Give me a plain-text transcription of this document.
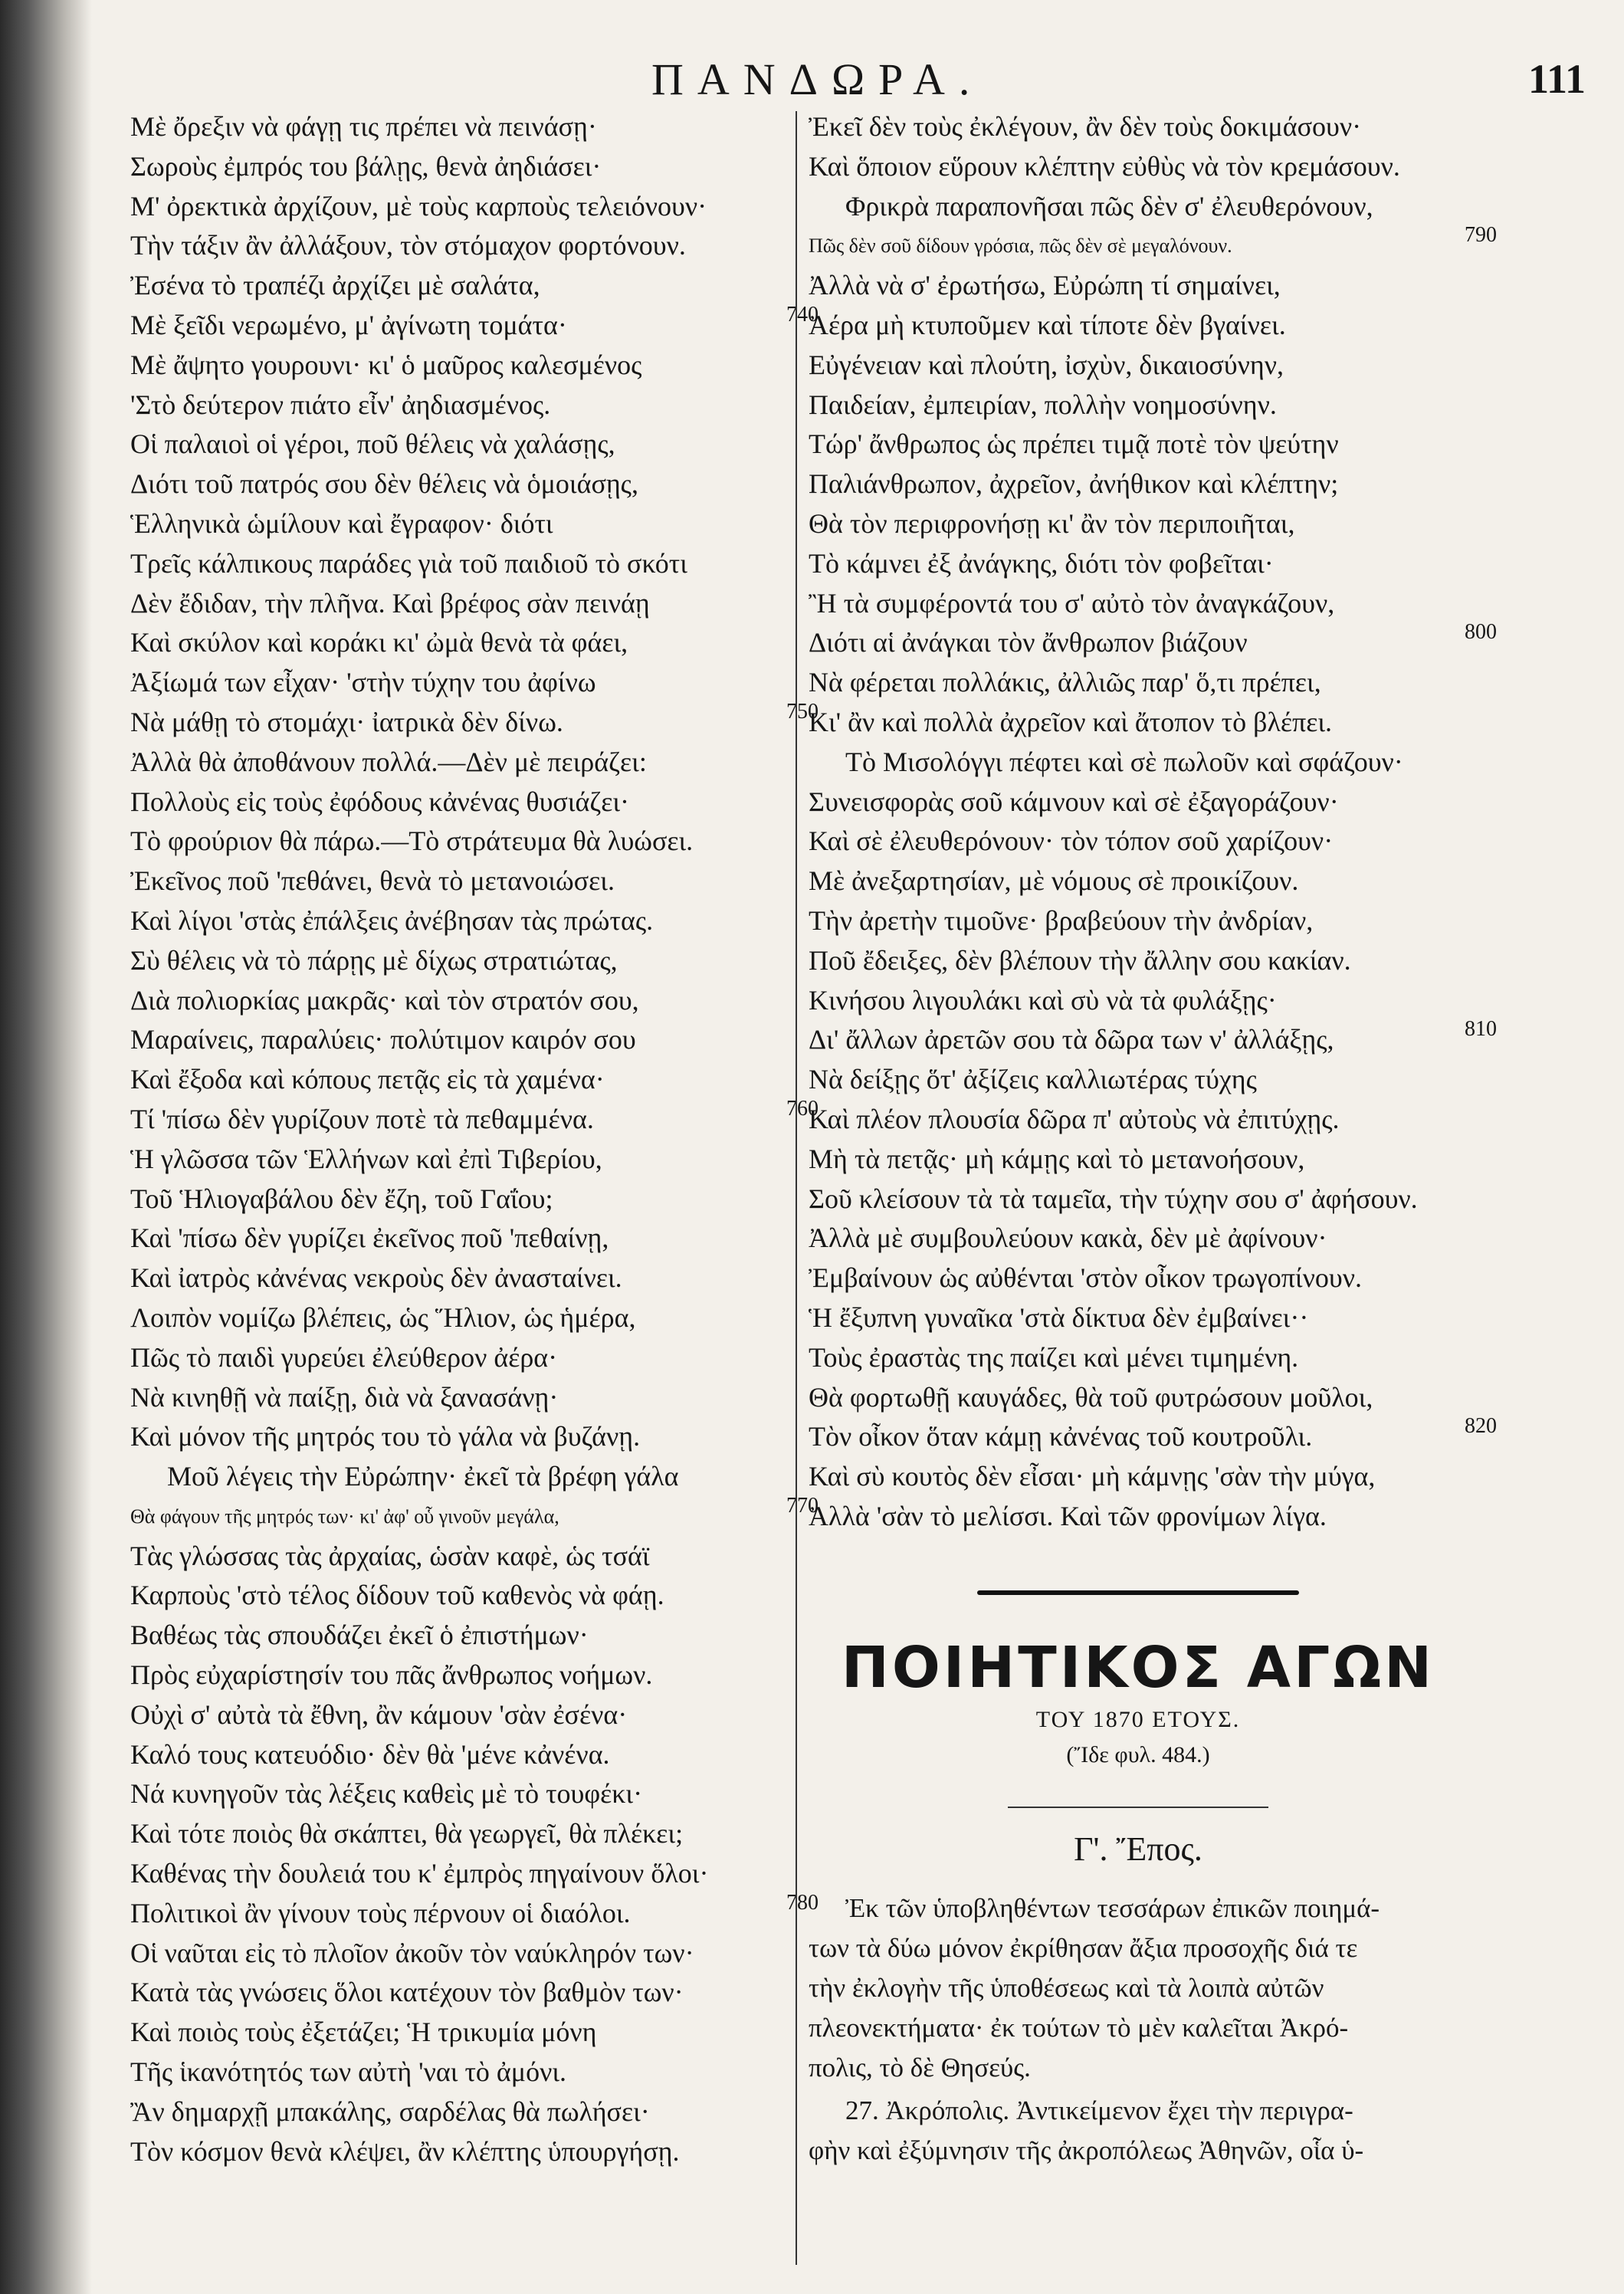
ΠΑΝΔΩΡΑ.	111
Μὲ ὄρεξιν νὰ φάγῃ τις πρέπει νὰ πεινάσῃ·
Σωροὺς ἐμπρός του βάλῃς, θενὰ ἀηδιάσει·
Μ' ὀρεκτικὰ ἀρχίζουν, μὲ τοὺς καρποὺς τελειόνουν·
Τὴν τάξιν ἂν ἀλλάξουν, τὸν στόμαχον φορτόνουν.
Ἐσένα τὸ τραπέζι ἀρχίζει μὲ σαλάτα,
Μὲ ξεῖδι νερωμένο, μ' ἀγίνωτη τομάτα·	740
Μὲ ἄψητο γουρουνι· κι' ὁ μαῦρος καλεσμένος
'Στὸ δεύτερον πιάτο εἶν' ἀηδιασμένος.
Οἱ παλαιοὶ οἱ γέροι, ποῦ θέλεις νὰ χαλάσῃς,
Διότι τοῦ πατρός σου δὲν θέλεις νὰ ὁμοιάσῃς,
Ἑλληνικὰ ὡμίλουν καὶ ἔγραφον· διότι
Τρεῖς κάλπικους παράδες γιὰ τοῦ παιδιοῦ τὸ σκότι
Δὲν ἔδιδαν, τὴν πλῆνα. Καὶ βρέφος σὰν πεινάῃ
Καὶ σκύλον καὶ κοράκι κι' ὠμὰ θενὰ τὰ φάει,
Ἀξίωμά των εἶχαν· 'στὴν τύχην του ἀφίνω
Νὰ μάθῃ τὸ στομάχι· ἰατρικὰ δὲν δίνω.	750
Ἀλλὰ θὰ ἀποθάνουν πολλά.—Δὲν μὲ πειράζει:
Πολλοὺς εἰς τοὺς ἐφόδους κἀνένας θυσιάζει·
Τὸ φρούριον θὰ πάρω.—Τὸ στράτευμα θὰ λυώσει.
Ἐκεῖνος ποῦ 'πεθάνει, θενὰ τὸ μετανοιώσει.
Καὶ λίγοι 'στὰς ἐπάλξεις ἀνέβησαν τὰς πρώτας.
Σὺ θέλεις νὰ τὸ πάρῃς μὲ δίχως στρατιώτας,
Διὰ πολιορκίας μακρᾶς· καὶ τὸν στρατόν σου,
Μαραίνεις, παραλύεις· πολύτιμον καιρόν σου
Καὶ ἔξοδα καὶ κόπους πετᾷς εἰς τὰ χαμένα·
Τί 'πίσω δὲν γυρίζουν ποτὲ τὰ πεθαμμένα.	760
Ἡ γλῶσσα τῶν Ἑλλήνων καὶ ἐπὶ Τιβερίου,
Τοῦ Ἡλιογαβάλου δὲν ἔζη, τοῦ Γαΐου;
Καὶ 'πίσω δὲν γυρίζει ἐκεῖνος ποῦ 'πεθαίνῃ,
Καὶ ἰατρὸς κἀνένας νεκροὺς δὲν ἀνασταίνει.
Λοιπὸν νομίζω βλέπεις, ὡς Ἥλιον, ὡς ἡμέρα,
Πῶς τὸ παιδὶ γυρεύει ἐλεύθερον ἀέρα·
Νὰ κινηθῇ νὰ παίξῃ, διὰ νὰ ξανασάνῃ·
Καὶ μόνον τῆς μητρός του τὸ γάλα νὰ βυζάνῃ.
Μοῦ λέγεις τὴν Εὐρώπην· ἐκεῖ τὰ βρέφη γάλα
Θὰ φάγουν τῆς μητρός των· κι' ἀφ' οὗ γινοῦν μεγάλα,	770
Τὰς γλώσσας τὰς ἀρχαίας, ὡσὰν καφὲ, ὡς τσάϊ
Καρποὺς 'στὸ τέλος δίδουν τοῦ καθενὸς νὰ φάῃ.
Βαθέως τὰς σπουδάζει ἐκεῖ ὁ ἐπιστήμων·
Πρὸς εὐχαρίστησίν του πᾶς ἄνθρωπος νοήμων.
Οὐχὶ σ' αὐτὰ τὰ ἔθνη, ἂν κάμουν 'σὰν ἐσένα·
Καλό τους κατευόδιο· δὲν θὰ 'μένε κἀνένα.
Νά κυνηγοῦν τὰς λέξεις καθεὶς μὲ τὸ τουφέκι·
Καὶ τότε ποιὸς θὰ σκάπτει, θὰ γεωργεῖ, θὰ πλέκει;
Καθένας τὴν δουλειά του κ' ἐμπρὸς πηγαίνουν ὅλοι·
Πολιτικοὶ ἂν γίνουν τοὺς πέρνουν οἱ διαόλοι.	780
Οἱ ναῦται εἰς τὸ πλοῖον ἀκοῦν τὸν ναύκληρόν των·
Κατὰ τὰς γνώσεις ὅλοι κατέχουν τὸν βαθμὸν των·
Καὶ ποιὸς τοὺς ἐξετάζει; Ἡ τρικυμία μόνη
Τῆς ἱκανότητός των αὐτὴ 'ναι τὸ ἀμόνι.
Ἂν δημαρχῇ μπακάλης, σαρδέλας θὰ πωλήσει·
Τὸν κόσμον θενὰ κλέψει, ἂν κλέπτης ὑπουργήσῃ.
Ἐκεῖ δὲν τοὺς ἐκλέγουν, ἂν δὲν τοὺς δοκιμάσουν·
Καὶ ὅποιον εὕρουν κλέπτην εὐθὺς νὰ τὸν κρεμάσουν.
Φρικρὰ παραπονῆσαι πῶς δὲν σ' ἐλευθερόνουν,
Πῶς δὲν σοῦ δίδουν γρόσια, πῶς δὲν σὲ μεγαλόνουν.	790
Ἀλλὰ νὰ σ' ἐρωτήσω, Εὐρώπη τί σημαίνει,
Ἀέρα μὴ κτυποῦμεν καὶ τίποτε δὲν βγαίνει.
Εὐγένειαν καὶ πλούτη, ἰσχὺν, δικαιοσύνην,
Παιδείαν, ἐμπειρίαν, πολλὴν νοημοσύνην.
Τώρ' ἄνθρωπος ὡς πρέπει τιμᾷ ποτὲ τὸν ψεύτην
Παλιάνθρωπον, ἀχρεῖον, ἀνήθικον καὶ κλέπτην;
Θὰ τὸν περιφρονήσῃ κι' ἂν τὸν περιποιῆται,
Τὸ κάμνει ἐξ ἀνάγκης, διότι τὸν φοβεῖται·
Ἢ τὰ συμφέροντά του σ' αὐτὸ τὸν ἀναγκάζουν,
Διότι αἱ ἀνάγκαι τὸν ἄνθρωπον βιάζουν	800
Νὰ φέρεται πολλάκις, ἀλλιῶς παρ' ὅ,τι πρέπει,
Κι' ἂν καὶ πολλὰ ἀχρεῖον καὶ ἄτοπον τὸ βλέπει.
Τὸ Μισολόγγι πέφτει καὶ σὲ πωλοῦν καὶ σφάζουν·
Συνεισφορὰς σοῦ κάμνουν καὶ σὲ ἐξαγοράζουν·
Καὶ σὲ ἐλευθερόνουν· τὸν τόπον σοῦ χαρίζουν·
Μὲ ἀνεξαρτησίαν, μὲ νόμους σὲ προικίζουν.
Τὴν ἀρετὴν τιμοῦνε· βραβεύουν τὴν ἀνδρίαν,
Ποῦ ἔδειξες, δὲν βλέπουν τὴν ἄλλην σου κακίαν.
Κινήσου λιγουλάκι καὶ σὺ νὰ τὰ φυλάξῃς·
Δι' ἄλλων ἀρετῶν σου τὰ δῶρα των ν' ἀλλάξῃς,	810
Νὰ δείξῃς ὅτ' ἀξίζεις καλλιωτέρας τύχης
Καὶ πλέον πλουσία δῶρα π' αὐτοὺς νὰ ἐπιτύχῃς.
Μὴ τὰ πετᾷς· μὴ κάμῃς καὶ τὸ μετανοήσουν,
Σοῦ κλείσουν τὰ τὰ ταμεῖα, τὴν τύχην σου σ' ἀφήσουν.
Ἀλλὰ μὲ συμβουλεύουν κακὰ, δὲν μὲ ἀφίνουν·
Ἐμβαίνουν ὡς αὐθένται 'στὸν οἶκον τρωγοπίνουν.
Ἡ ἔξυπνη γυναῖκα 'στὰ δίκτυα δὲν ἐμβαίνει··
Τοὺς ἐραστὰς της παίζει καὶ μένει τιμημένη.
Θὰ φορτωθῇ καυγάδες, θὰ τοῦ φυτρώσουν μοῦλοι,
Τὸν οἶκον ὅταν κάμῃ κἀνένας τοῦ κουτροῦλι.	820
Καὶ σὺ κουτὸς δὲν εἶσαι· μὴ κάμνῃς 'σὰν τὴν μύγα,
Ἀλλὰ 'σὰν τὸ μελίσσι. Καὶ τῶν φρονίμων λίγα.
ΠΟΙΗΤΙΚΟΣ ΑΓΩΝ
ΤΟΥ 1870 ΕΤΟΥΣ.
(Ἴδε φυλ. 484.)
Γ'. Ἔπος.
Ἐκ τῶν ὑποβληθέντων τεσσάρων ἐπικῶν ποιημά-
των τὰ δύω μόνον ἐκρίθησαν ἄξια προσοχῆς διά τε
τὴν ἐκλογὴν τῆς ὑποθέσεως καὶ τὰ λοιπὰ αὐτῶν
πλεονεκτήματα· ἐκ τούτων τὸ μὲν καλεῖται Ἀκρό-
πολις, τὸ δὲ Θησεύς.
27. Ἀκρόπολις. Ἀντικείμενον ἔχει τὴν περιγρα-
φὴν καὶ ἐξύμνησιν τῆς ἀκροπόλεως Ἀθηνῶν, οἷα ὑ-
